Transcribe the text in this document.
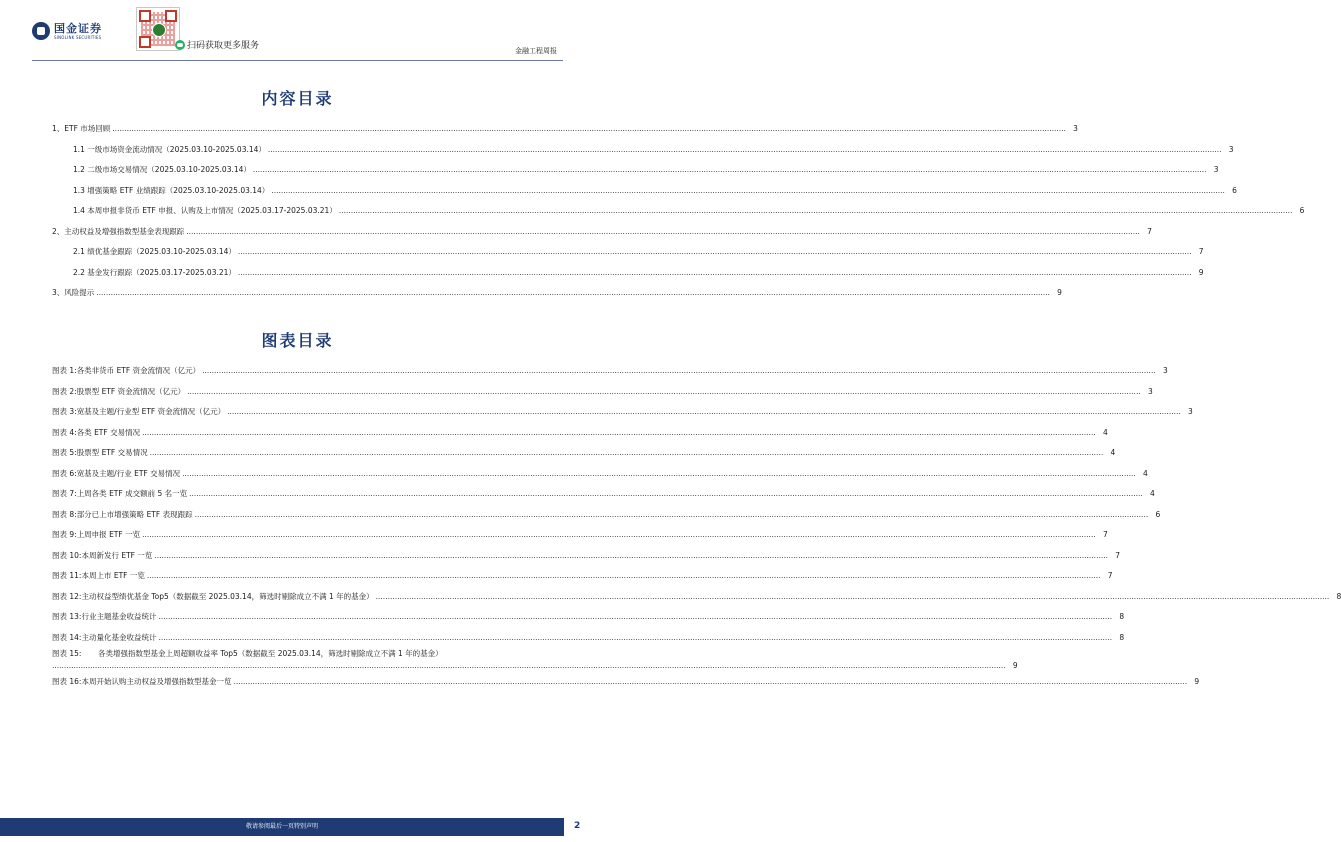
国金证券
SINOLINK SECURITIES
扫码获取更多服务	金融工程周报
内容目录
1、ETF 市场回顾 ................................................................................................................................................................................................................................................................................................................................................................................................................ 3
1.1 一级市场资金流动情况（2025.03.10-2025.03.14） ................................................................................................................................................................................................................................................................................................................................................................................................................ 3
1.2 二级市场交易情况（2025.03.10-2025.03.14） ................................................................................................................................................................................................................................................................................................................................................................................................................ 3
1.3 增强策略 ETF 业绩跟踪（2025.03.10-2025.03.14） ................................................................................................................................................................................................................................................................................................................................................................................................................ 6
1.4 本周申报非货币 ETF 申报、认购及上市情况（2025.03.17-2025.03.21） ................................................................................................................................................................................................................................................................................................................................................................................................................ 6
2、主动权益及增强指数型基金表现跟踪 ................................................................................................................................................................................................................................................................................................................................................................................................................ 7
2.1 绩优基金跟踪（2025.03.10-2025.03.14） ................................................................................................................................................................................................................................................................................................................................................................................................................ 7
2.2 基金发行跟踪（2025.03.17-2025.03.21） ................................................................................................................................................................................................................................................................................................................................................................................................................ 9
3、风险提示 ................................................................................................................................................................................................................................................................................................................................................................................................................ 9
图表目录
图表 1: 各类非货币 ETF 资金流情况（亿元） ................................................................................................................................................................................................................................................................................................................................................................................................................ 3
图表 2: 股票型 ETF 资金流情况（亿元） ................................................................................................................................................................................................................................................................................................................................................................................................................ 3
图表 3: 宽基及主题/行业型 ETF 资金流情况（亿元） ................................................................................................................................................................................................................................................................................................................................................................................................................ 3
图表 4: 各类 ETF 交易情况 ................................................................................................................................................................................................................................................................................................................................................................................................................ 4
图表 5: 股票型 ETF 交易情况 ................................................................................................................................................................................................................................................................................................................................................................................................................ 4
图表 6: 宽基及主题/行业 ETF 交易情况 ................................................................................................................................................................................................................................................................................................................................................................................................................ 4
图表 7: 上周各类 ETF 成交额前 5 名一览 ................................................................................................................................................................................................................................................................................................................................................................................................................ 4
图表 8: 部分已上市增强策略 ETF 表现跟踪 ................................................................................................................................................................................................................................................................................................................................................................................................................ 6
图表 9: 上周申报 ETF 一览 ................................................................................................................................................................................................................................................................................................................................................................................................................ 7
图表 10: 本周新发行 ETF 一览 ................................................................................................................................................................................................................................................................................................................................................................................................................ 7
图表 11: 本周上市 ETF 一览 ................................................................................................................................................................................................................................................................................................................................................................................................................ 7
图表 12: 主动权益型绩优基金 Top5（数据截至 2025.03.14，筛选时剔除成立不满 1 年的基金） ................................................................................................................................................................................................................................................................................................................................................................................................................ 8
图表 13: 行业主题基金收益统计 ................................................................................................................................................................................................................................................................................................................................................................................................................ 8
图表 14: 主动量化基金收益统计 ................................................................................................................................................................................................................................................................................................................................................................................................................ 8
图表 15: 各类增强指数型基金上周超额收益率 Top5（数据截至 2025.03.14，筛选时剔除成立不满 1 年的基金）
................................................................................................................................................................................................................................................................................................................................................................................................................ 9
图表 16: 本周开始认购主动权益及增强指数型基金一览 ................................................................................................................................................................................................................................................................................................................................................................................................................ 9
敬请参阅最后一页特别声明	2
